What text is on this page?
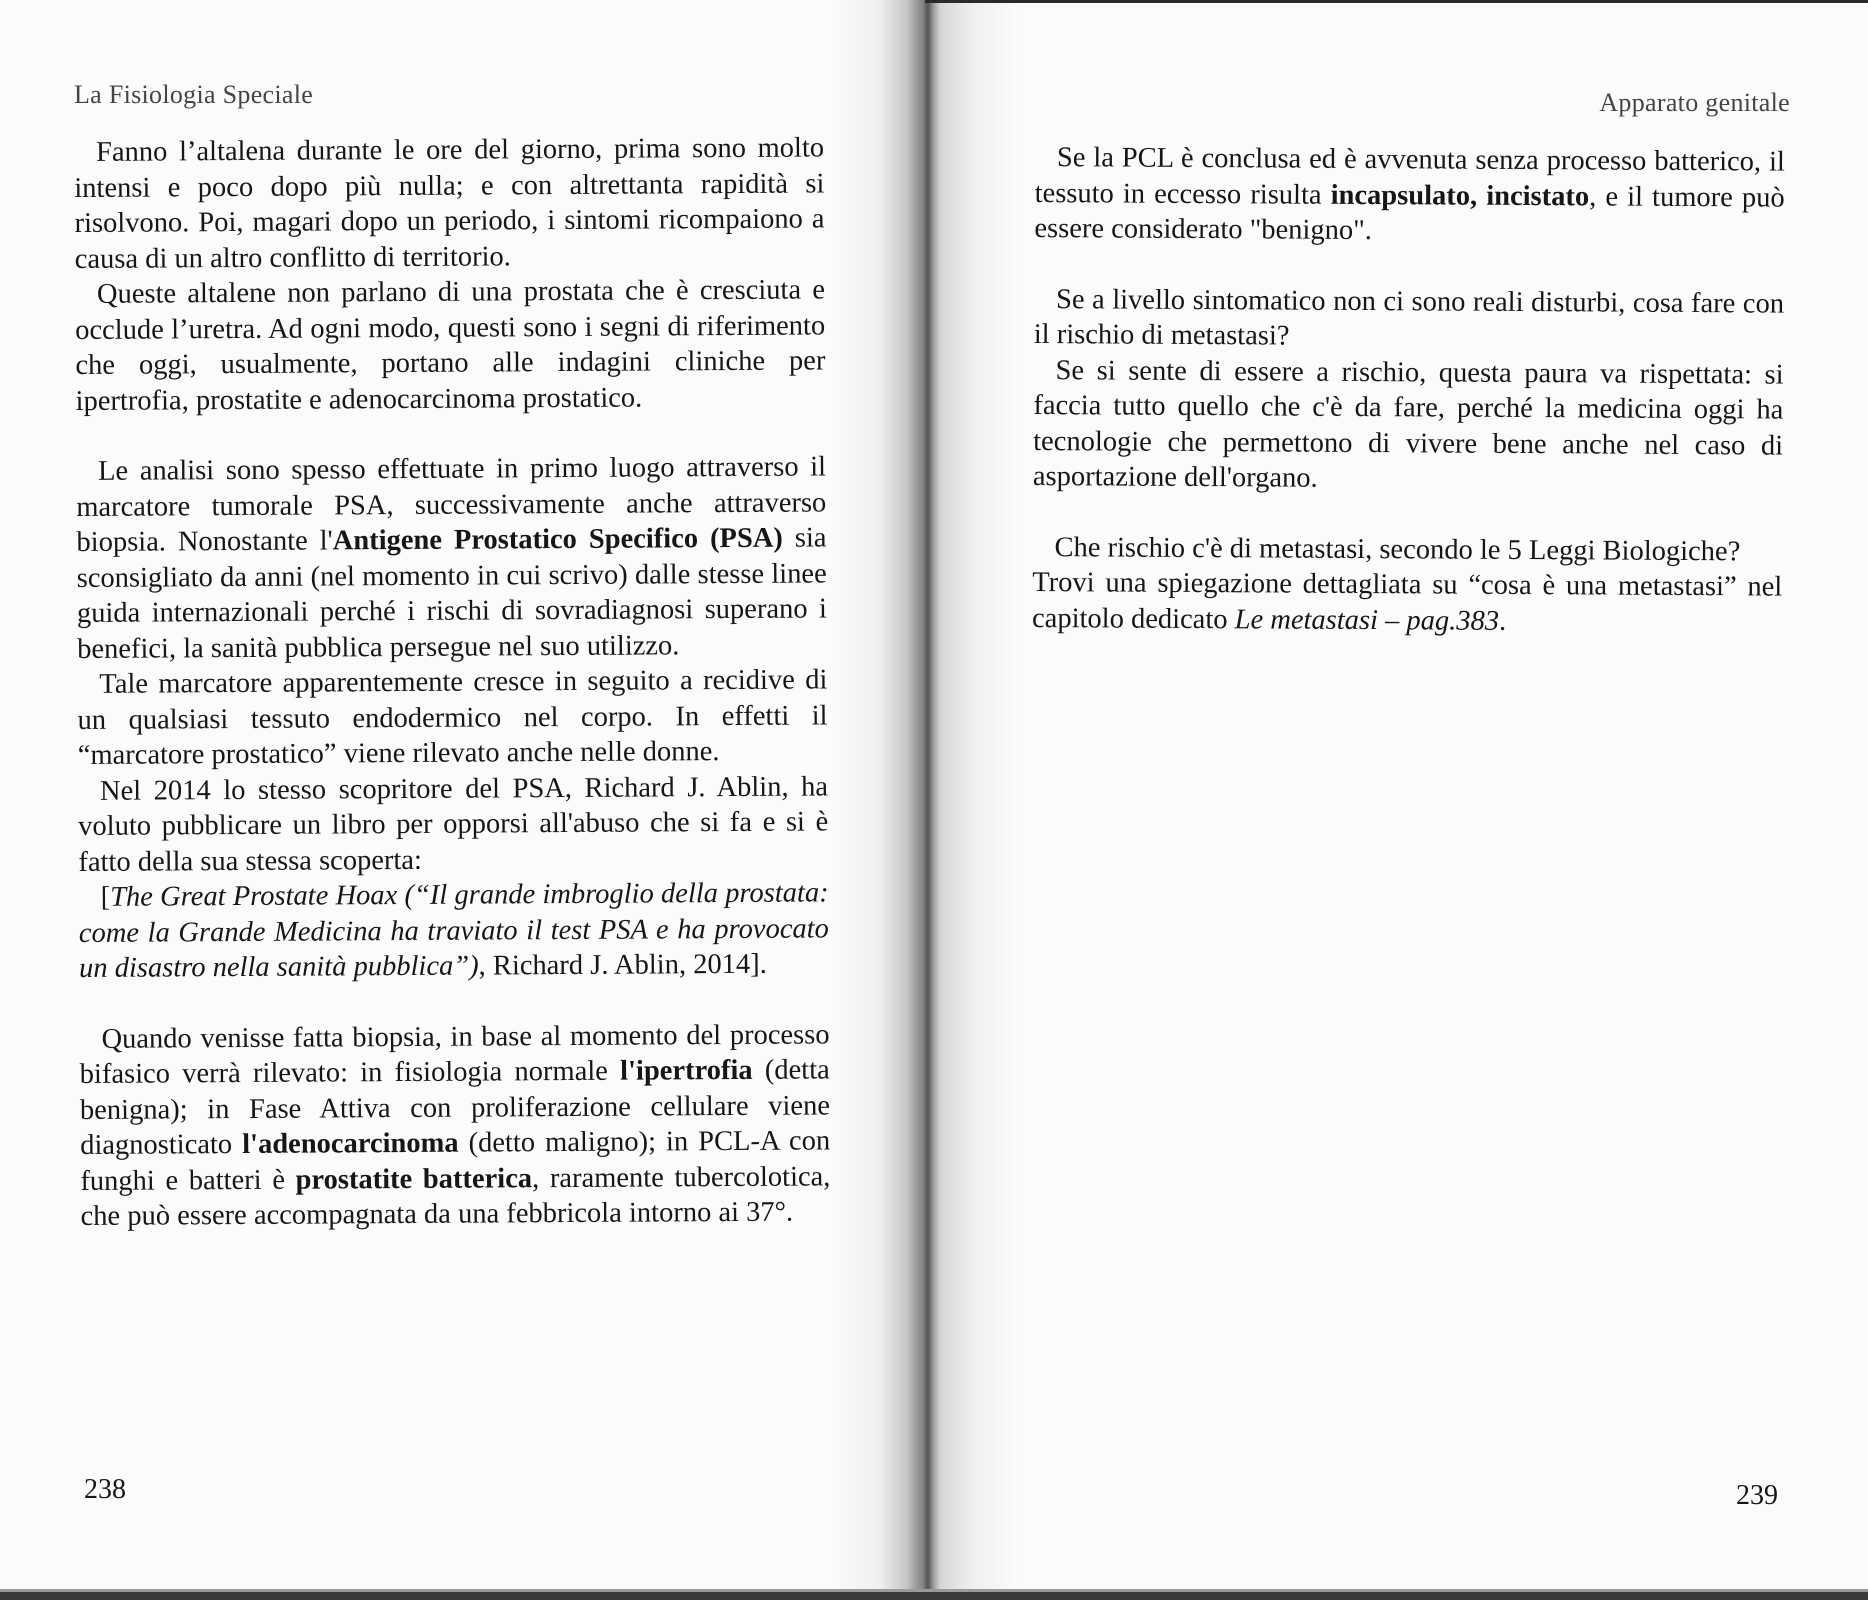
La Fisiologia Speciale

Fanno l’altalena durante le ore del giorno, prima sono molto intensi e poco dopo più nulla; e con altrettanta rapidità si risolvono. Poi, magari dopo un periodo, i sintomi ricompaiono a causa di un altro conflitto di territorio.

Queste altalene non parlano di una prostata che è cresciuta e occlude l’uretra. Ad ogni modo, questi sono i segni di riferimento che oggi, usualmente, portano alle indagini cliniche per ipertrofia, prostatite e adenocarcinoma prostatico.

Le analisi sono spesso effettuate in primo luogo attraverso il marcatore tumorale PSA, successivamente anche attraverso biopsia. Nonostante l'Antigene Prostatico Specifico (PSA) sia sconsigliato da anni (nel momento in cui scrivo) dalle stesse linee guida internazionali perché i rischi di sovradiagnosi superano i benefici, la sanità pubblica persegue nel suo utilizzo.

Tale marcatore apparentemente cresce in seguito a recidive di un qualsiasi tessuto endodermico nel corpo. In effetti il “marcatore prostatico” viene rilevato anche nelle donne.

Nel 2014 lo stesso scopritore del PSA, Richard J. Ablin, ha voluto pubblicare un libro per opporsi all'abuso che si fa e si è fatto della sua stessa scoperta:

[The Great Prostate Hoax (“Il grande imbroglio della prostata: come la Grande Medicina ha traviato il test PSA e ha provocato un disastro nella sanità pubblica”), Richard J. Ablin, 2014].

Quando venisse fatta biopsia, in base al momento del processo bifasico verrà rilevato: in fisiologia normale l'ipertrofia (detta benigna); in Fase Attiva con proliferazione cellulare viene diagnosticato l'adenocarcinoma (detto maligno); in PCL-A con funghi e batteri è prostatite batterica, raramente tubercolotica, che può essere accompagnata da una febbricola intorno ai 37°.

238
Apparato genitale

Se la PCL è conclusa ed è avvenuta senza processo batterico, il tessuto in eccesso risulta incapsulato, incistato, e il tumore può essere considerato "benigno".

Se a livello sintomatico non ci sono reali disturbi, cosa fare con il rischio di metastasi?

Se si sente di essere a rischio, questa paura va rispettata: si faccia tutto quello che c'è da fare, perché la medicina oggi ha tecnologie che permettono di vivere bene anche nel caso di asportazione dell'organo.

Che rischio c'è di metastasi, secondo le 5 Leggi Biologiche?

Trovi una spiegazione dettagliata su “cosa è una metastasi” nel capitolo dedicato Le metastasi – pag.383.

239
